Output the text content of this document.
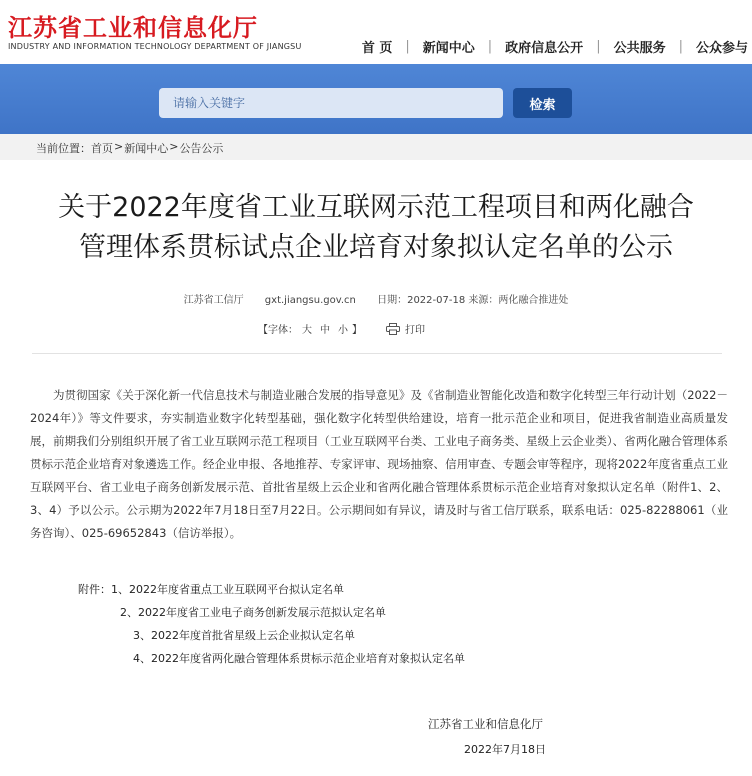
江苏省工业和信息化厅
INDUSTRY AND INFORMATION TECHNOLOGY DEPARTMENT OF JIANGSU	首 页 | 新闻中心 | 政府信息公开 | 公共服务 | 公众参与
请输入关键字
检索
当前位置： 首页 > 新闻中心 > 公告公示
关于2022年度省工业互联网示范工程项目和两化融合
管理体系贯标试点企业培育对象拟认定名单的公示
江苏省工信厅 gxt.jiangsu.gov.cn 日期：2022-07-18 来源：两化融合推进处
【字体： 大 中 小 】	打印

为贯彻国家《关于深化新一代信息技术与制造业融合发展的指导意见》及《省制造业智能化改造和数字化转型三年行动计划（2022－2024年）》等文件要求，夯实制造业数字化转型基础，强化数字化转型供给建设，培育一批示范企业和项目，促进我省制造业高质量发展，前期我们分别组织开展了省工业互联网示范工程项目（工业互联网平台类、工业电子商务类、星级上云企业类）、省两化融合管理体系贯标示范企业培育对象遴选工作。经企业申报、各地推荐、专家评审、现场抽察、信用审查、专题会审等程序，现将2022年度省重点工业互联网平台、省工业电子商务创新发展示范、首批省星级上云企业和省两化融合管理体系贯标示范企业培育对象拟认定名单（附件1、2、3、4）予以公示。公示期为2022年7月18日至7月22日。公示期间如有异议，请及时与省工信厅联系，联系电话：025-82288061（业务咨询）、025-69652843（信访举报）。

附件：1、2022年度省重点工业互联网平台拟认定名单
2、2022年度省工业电子商务创新发展示范拟认定名单
3、2022年度首批省星级上云企业拟认定名单
4、2022年度省两化融合管理体系贯标示范企业培育对象拟认定名单
江苏省工业和信息化厅
2022年7月18日
